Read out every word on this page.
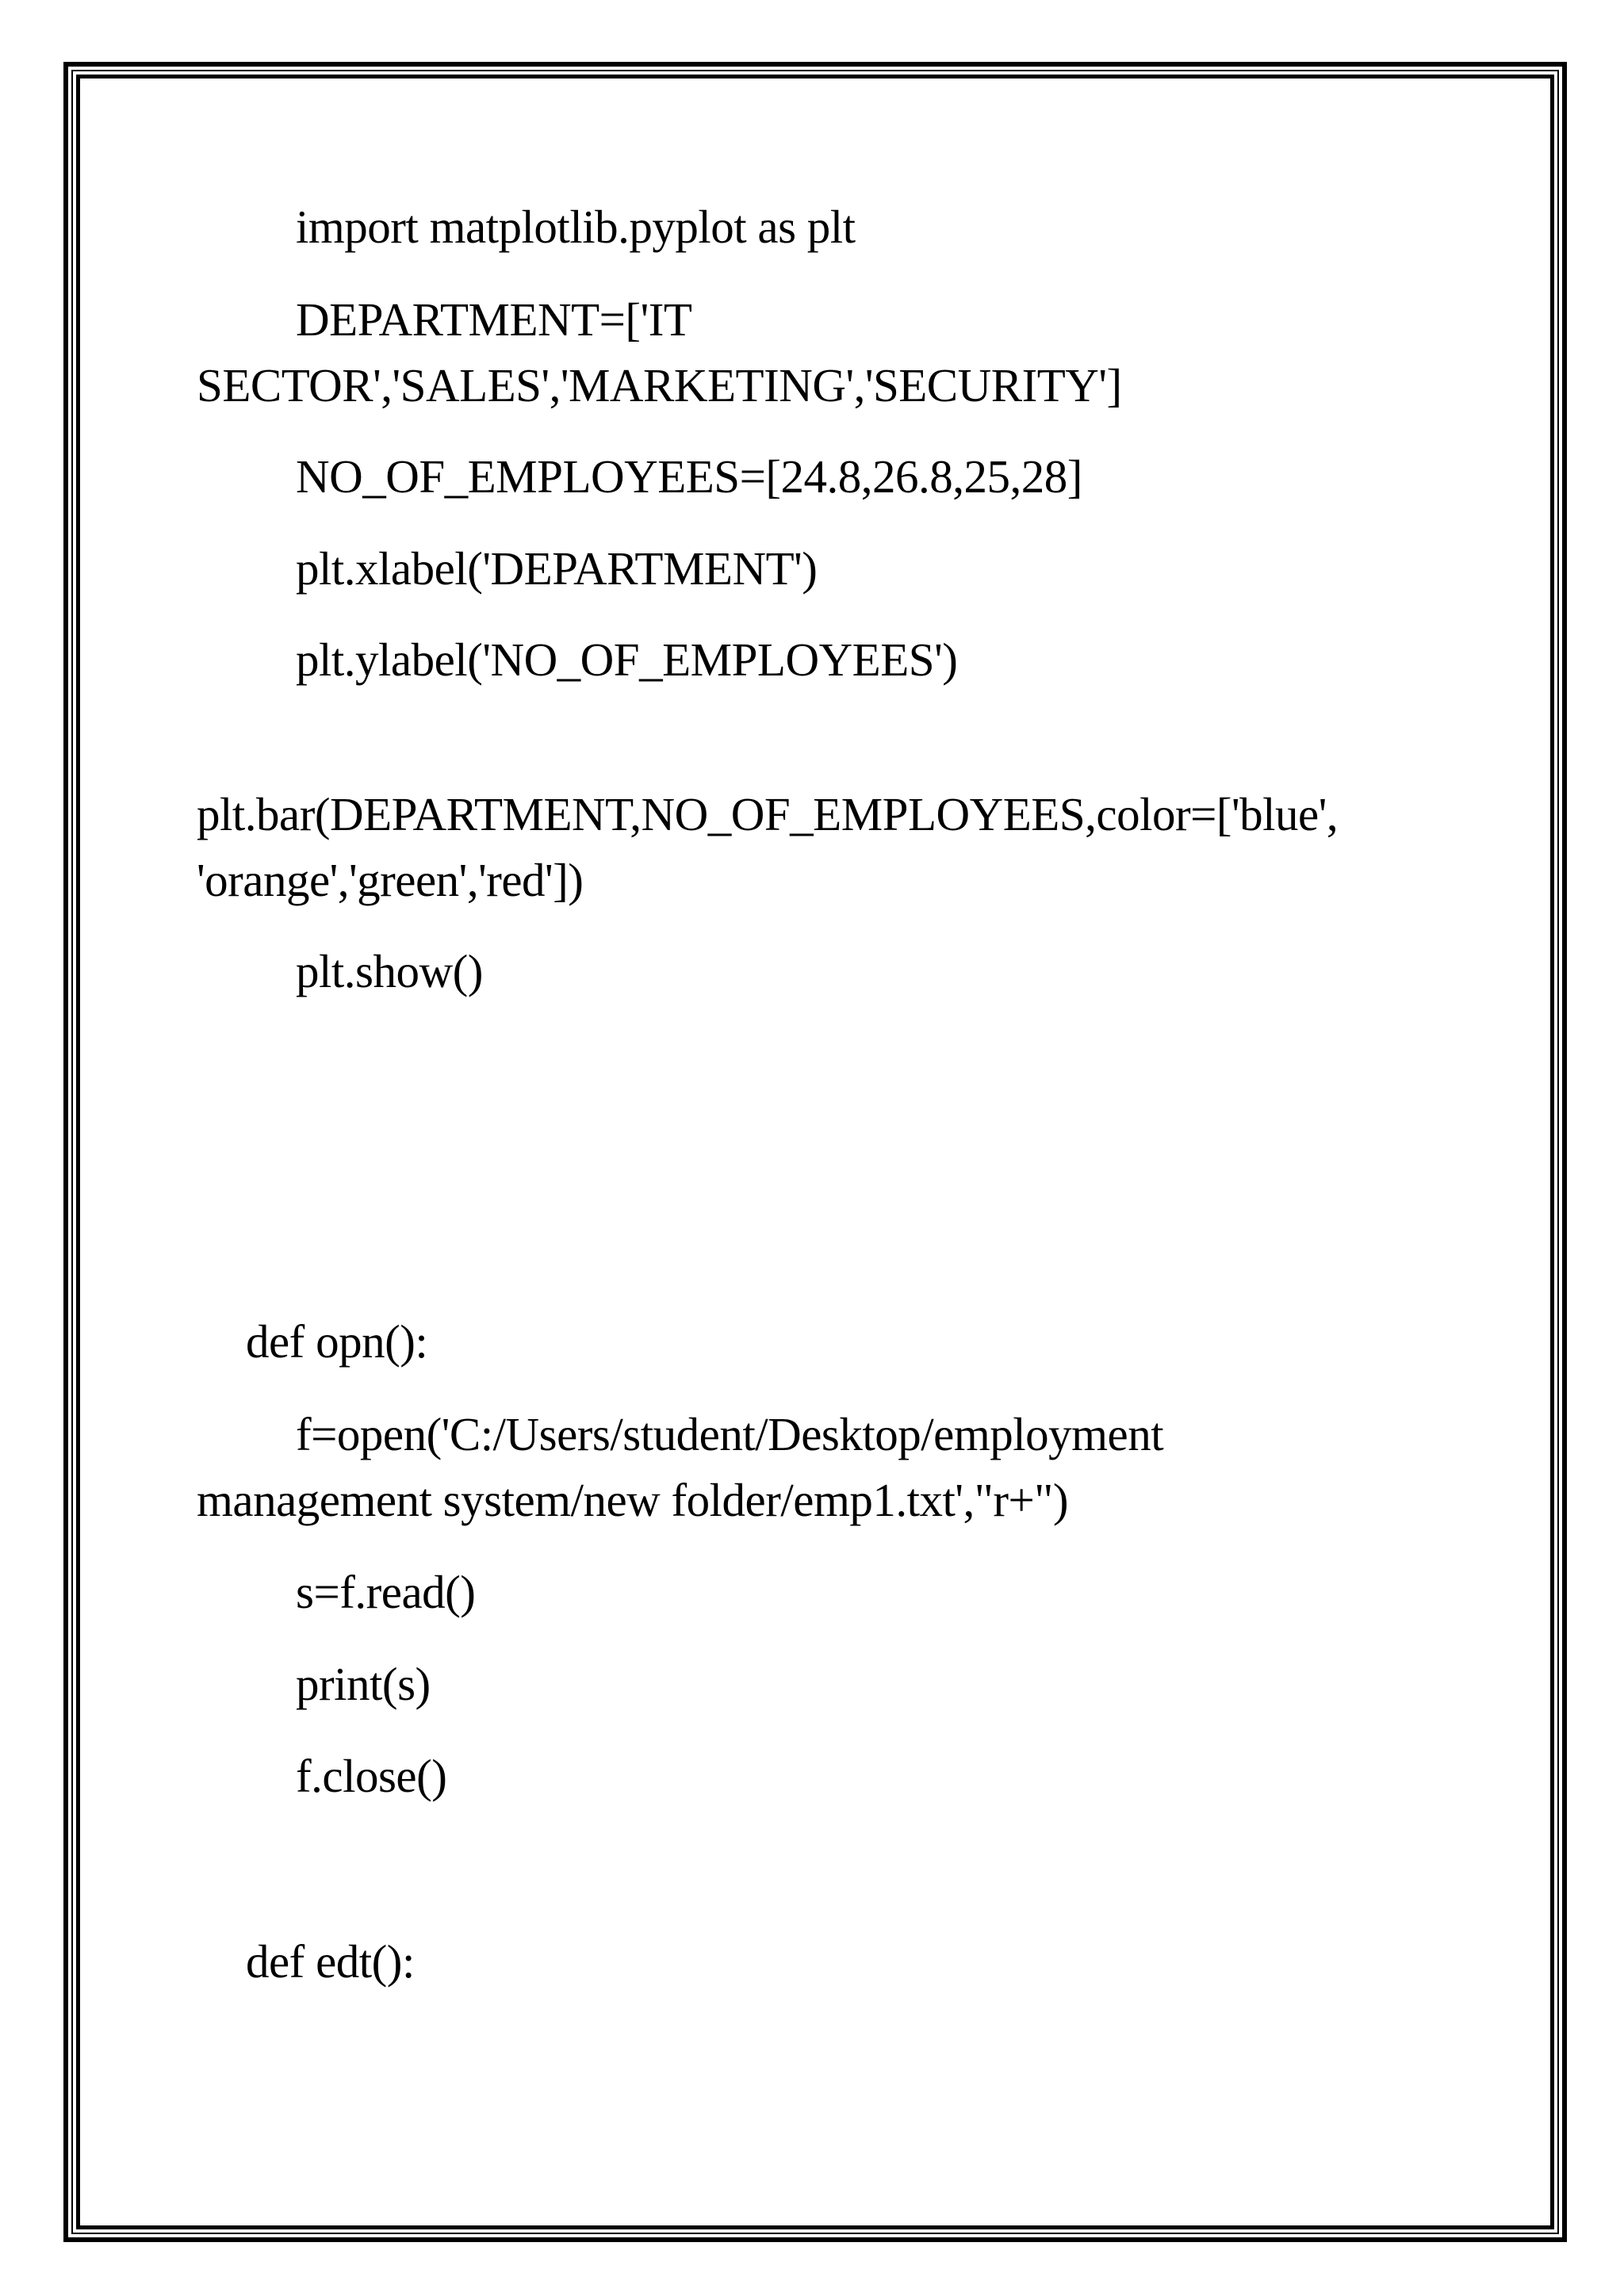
import matplotlib.pyplot as plt
DEPARTMENT=['IT
SECTOR','SALES','MARKETING','SECURITY']
NO_OF_EMPLOYEES=[24.8,26.8,25,28]
plt.xlabel('DEPARTMENT')
plt.ylabel('NO_OF_EMPLOYEES')
plt.bar(DEPARTMENT,NO_OF_EMPLOYEES,color=['blue',
'orange','green','red'])
plt.show()
def opn():
f=open('C:/Users/student/Desktop/employment
management system/new folder/emp1.txt',"r+")
s=f.read()
print(s)
f.close()
def edt():
